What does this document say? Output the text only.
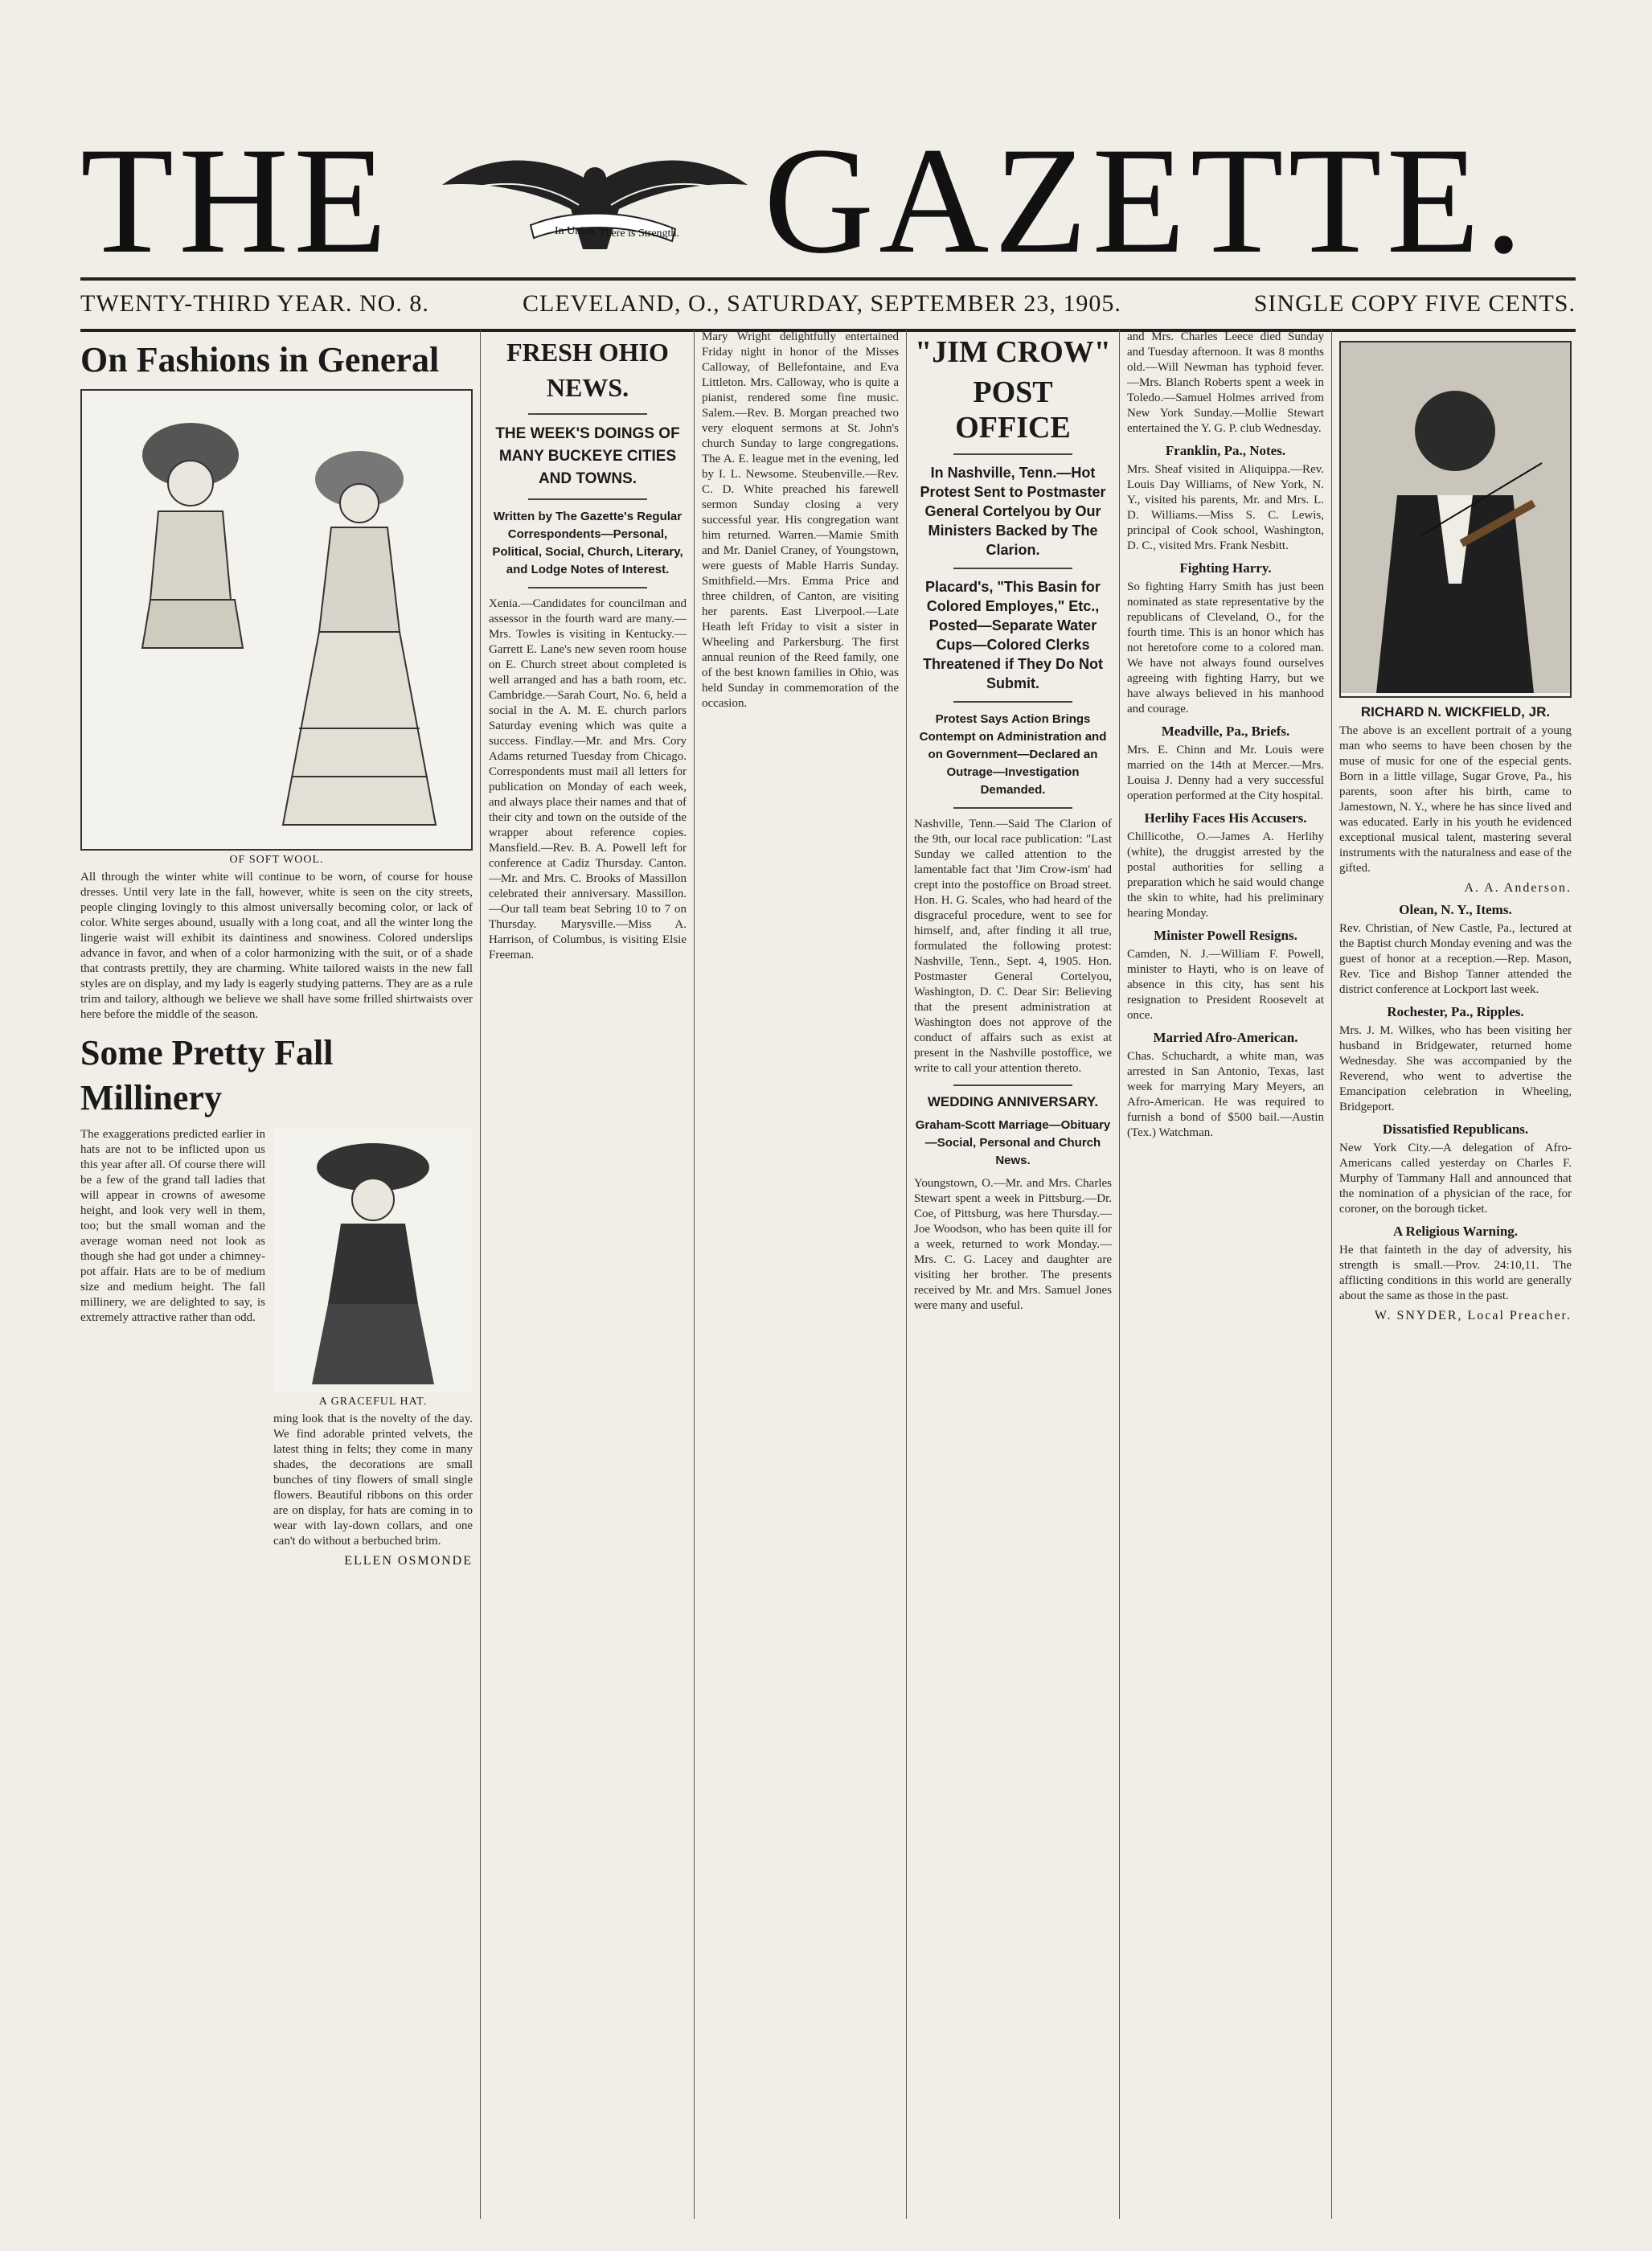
THE	In Union There is Strength. GAZETTE.
TWENTY-THIRD YEAR. NO. 8.	CLEVELAND, O., SATURDAY, SEPTEMBER 23, 1905.	SINGLE COPY FIVE CENTS.
On Fashions in General
OF SOFT WOOL.

All through the winter white will continue to be worn, of course for house dresses. Until very late in the fall, however, white is seen on the city streets, people clinging lovingly to this almost universally becoming color, or lack of color. White serges abound, usually with a long coat, and all the winter long the lingerie waist will exhibit its daintiness and snowiness. Colored underslips advance in favor, and when of a color harmonizing with the suit, or of a shade that contrasts prettily, they are charming. White tailored waists in the new fall styles are on display, and my lady is eagerly studying patterns. They are as a rule trim and tailory, although we believe we shall have some frilled shirtwaists over here before the middle of the season.

Some Pretty Fall Millinery

The exaggerations predicted earlier in hats are not to be inflicted upon us this year after all. Of course there will be a few of the grand tall ladies that will appear in crowns of awesome height, and look very well in them, too; but the small woman and the average woman need not look as though she had got under a chimney-pot affair. Hats are to be of medium size and medium height. The fall millinery, we are delighted to say, is extremely attractive rather than odd.

A GRACEFUL HAT.

ming look that is the novelty of the day. We find adorable printed velvets, the latest thing in felts; they come in many shades, the decorations are small bunches of tiny flowers of small single flowers. Beautiful ribbons on this order are on display, for hats are coming in to wear with lay-down collars, and one can't do without a berbuched brim.

ELLEN OSMONDE
FRESH OHIO NEWS.
THE WEEK'S DOINGS OF MANY BUCKEYE CITIES AND TOWNS.
Written by The Gazette's Regular Correspondents—Personal, Political, Social, Church, Literary, and Lodge Notes of Interest.

Xenia.—Candidates for councilman and assessor in the fourth ward are many.—Mrs. Towles is visiting in Kentucky.—Garrett E. Lane's new seven room house on E. Church street about completed is well arranged and has a bath room, etc. Cambridge.—Sarah Court, No. 6, held a social in the A. M. E. church parlors Saturday evening which was quite a success. Findlay.—Mr. and Mrs. Cory Adams returned Tuesday from Chicago. Correspondents must mail all letters for publication on Monday of each week, and always place their names and that of their city and town on the outside of the wrapper about reference copies. Mansfield.—Rev. B. A. Powell left for conference at Cadiz Thursday. Canton.—Mr. and Mrs. C. Brooks of Massillon celebrated their anniversary. Massillon.—Our tall team beat Sebring 10 to 7 on Thursday. Marysville.—Miss A. Harrison, of Columbus, is visiting Elsie Freeman.

Mary Wright delightfully entertained Friday night in honor of the Misses Calloway, of Bellefontaine, and Eva Littleton. Mrs. Calloway, who is quite a pianist, rendered some fine music. Salem.—Rev. B. Morgan preached two very eloquent sermons at St. John's church Sunday to large congregations. The A. E. league met in the evening, led by I. L. Newsome. Steubenville.—Rev. C. D. White preached his farewell sermon Sunday closing a very successful year. His congregation want him returned. Warren.—Mamie Smith and Mr. Daniel Craney, of Youngstown, were guests of Mable Harris Sunday. Smithfield.—Mrs. Emma Price and three children, of Canton, are visiting her parents. East Liverpool.—Late Heath left Friday to visit a sister in Wheeling and Parkersburg. The first annual reunion of the Reed family, one of the best known families in Ohio, was held Sunday in commemoration of the occasion.

"JIM CROW"
POST OFFICE
In Nashville, Tenn.—Hot Protest Sent to Postmaster General Cortelyou by Our Ministers Backed by The Clarion.
Placard's, "This Basin for Colored Employes," Etc., Posted—Separate Water Cups—Colored Clerks Threatened if They Do Not Submit.
Protest Says Action Brings Contempt on Administration and on Government—Declared an Outrage—Investigation Demanded.

Nashville, Tenn.—Said The Clarion of the 9th, our local race publication: "Last Sunday we called attention to the lamentable fact that 'Jim Crow-ism' had crept into the postoffice on Broad street. Hon. H. G. Scales, who had heard of the disgraceful procedure, went to see for himself, and, after finding it all true, formulated the following protest: Nashville, Tenn., Sept. 4, 1905. Hon. Postmaster General Cortelyou, Washington, D. C. Dear Sir: Believing that the present administration at Washington does not approve of the conduct of affairs such as exist at present in the Nashville postoffice, we write to call your attention thereto.

WEDDING ANNIVERSARY.
Graham-Scott Marriage—Obituary—Social, Personal and Church News.

Youngstown, O.—Mr. and Mrs. Charles Stewart spent a week in Pittsburg.—Dr. Coe, of Pittsburg, was here Thursday.—Joe Woodson, who has been quite ill for a week, returned to work Monday.—Mrs. C. G. Lacey and daughter are visiting her brother. The presents received by Mr. and Mrs. Samuel Jones were many and useful.

and Mrs. Charles Leece died Sunday and Tuesday afternoon. It was 8 months old.—Will Newman has typhoid fever.—Mrs. Blanch Roberts spent a week in Toledo.—Samuel Holmes arrived from New York Sunday.—Mollie Stewart entertained the Y. G. P. club Wednesday.

Franklin, Pa., Notes.

Mrs. Sheaf visited in Aliquippa.—Rev. Louis Day Williams, of New York, N. Y., visited his parents, Mr. and Mrs. L. D. Williams.—Miss S. C. Lewis, principal of Cook school, Washington, D. C., visited Mrs. Frank Nesbitt.

Fighting Harry.

So fighting Harry Smith has just been nominated as state representative by the republicans of Cleveland, O., for the fourth time. This is an honor which has not heretofore come to a colored man. We have not always found ourselves agreeing with fighting Harry, but we have always believed in his manhood and courage.

Meadville, Pa., Briefs.

Mrs. E. Chinn and Mr. Louis were married on the 14th at Mercer.—Mrs. Louisa J. Denny had a very successful operation performed at the City hospital.

Herlihy Faces His Accusers.

Chillicothe, O.—James A. Herlihy (white), the druggist arrested by the postal authorities for selling a preparation which he said would change the skin to white, had his preliminary hearing Monday.

Minister Powell Resigns.

Camden, N. J.—William F. Powell, minister to Hayti, who is on leave of absence in this city, has sent his resignation to President Roosevelt at once.

Married Afro-American.

Chas. Schuchardt, a white man, was arrested in San Antonio, Texas, last week for marrying Mary Meyers, an Afro-American. He was required to furnish a bond of $500 bail.—Austin (Tex.) Watchman.

RICHARD N. WICKFIELD, JR.

The above is an excellent portrait of a young man who seems to have been chosen by the muse of music for one of the especial gents. Born in a little village, Sugar Grove, Pa., his parents, soon after his birth, came to Jamestown, N. Y., where he has since lived and was educated. Early in his youth he evidenced exceptional musical talent, mastering several instruments with the naturalness and ease of the gifted.

A. A. Anderson.
Olean, N. Y., Items.

Rev. Christian, of New Castle, Pa., lectured at the Baptist church Monday evening and was the guest of honor at a reception.—Rep. Mason, Rev. Tice and Bishop Tanner attended the district conference at Lockport last week.

Rochester, Pa., Ripples.

Mrs. J. M. Wilkes, who has been visiting her husband in Bridgewater, returned home Wednesday. She was accompanied by the Reverend, who went to advertise the Emancipation celebration in Wheeling, Bridgeport.

Dissatisfied Republicans.

New York City.—A delegation of Afro-Americans called yesterday on Charles F. Murphy of Tammany Hall and announced that the nomination of a physician of the race, for coroner, on the borough ticket.

A Religious Warning.

He that fainteth in the day of adversity, his strength is small.—Prov. 24:10,11. The afflicting conditions in this world are generally about the same as those in the past.

W. SNYDER, Local Preacher.
